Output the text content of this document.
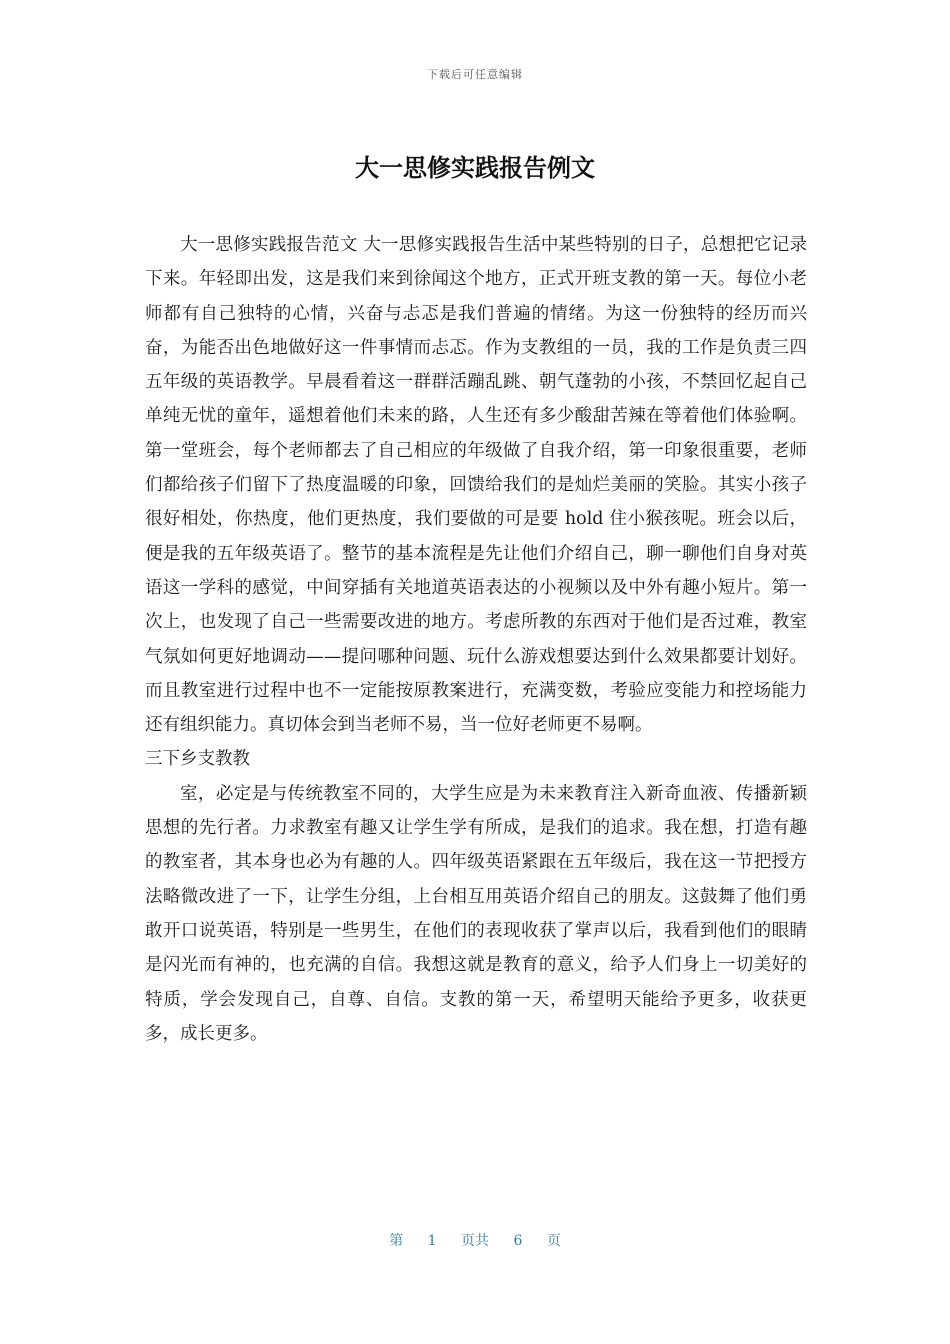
下载后可任意编辑
大一思修实践报告例文

大一思修实践报告范文 大一思修实践报告生活中某些特别的日子，总想把它记录下来。年轻即出发，这是我们来到徐闻这个地方，正式开班支教的第一天。每位小老师都有自己独特的心情，兴奋与忐忑是我们普遍的情绪。为这一份独特的经历而兴奋，为能否出色地做好这一件事情而忐忑。作为支教组的一员，我的工作是负责三四五年级的英语教学。早晨看着这一群群活蹦乱跳、朝气蓬勃的小孩，不禁回忆起自己单纯无忧的童年，遥想着他们未来的路，人生还有多少酸甜苦辣在等着他们体验啊。第一堂班会，每个老师都去了自己相应的年级做了自我介绍，第一印象很重要，老师们都给孩子们留下了热度温暖的印象，回馈给我们的是灿烂美丽的笑脸。其实小孩子很好相处，你热度，他们更热度，我们要做的可是要 hold 住小猴孩呢。班会以后，便是我的五年级英语了。整节的基本流程是先让他们介绍自己，聊一聊他们自身对英语这一学科的感觉，中间穿插有关地道英语表达的小视频以及中外有趣小短片。第一次上，也发现了自己一些需要改进的地方。考虑所教的东西对于他们是否过难，教室气氛如何更好地调动——提问哪种问题、玩什么游戏想要达到什么效果都要计划好。而且教室进行过程中也不一定能按原教案进行，充满变数，考验应变能力和控场能力还有组织能力。真切体会到当老师不易，当一位好老师更不易啊。

三下乡支教教

室，必定是与传统教室不同的，大学生应是为未来教育注入新奇血液、传播新颖思想的先行者。力求教室有趣又让学生学有所成，是我们的追求。我在想，打造有趣的教室者，其本身也必为有趣的人。四年级英语紧跟在五年级后，我在这一节把授方法略微改进了一下，让学生分组，上台相互用英语介绍自己的朋友。这鼓舞了他们勇敢开口说英语，特别是一些男生，在他们的表现收获了掌声以后，我看到他们的眼睛是闪光而有神的，也充满的自信。我想这就是教育的意义，给予人们身上一切美好的特质，学会发现自己，自尊、自信。支教的第一天，希望明天能给予更多，收获更多，成长更多。

第 1 页共 6 页
